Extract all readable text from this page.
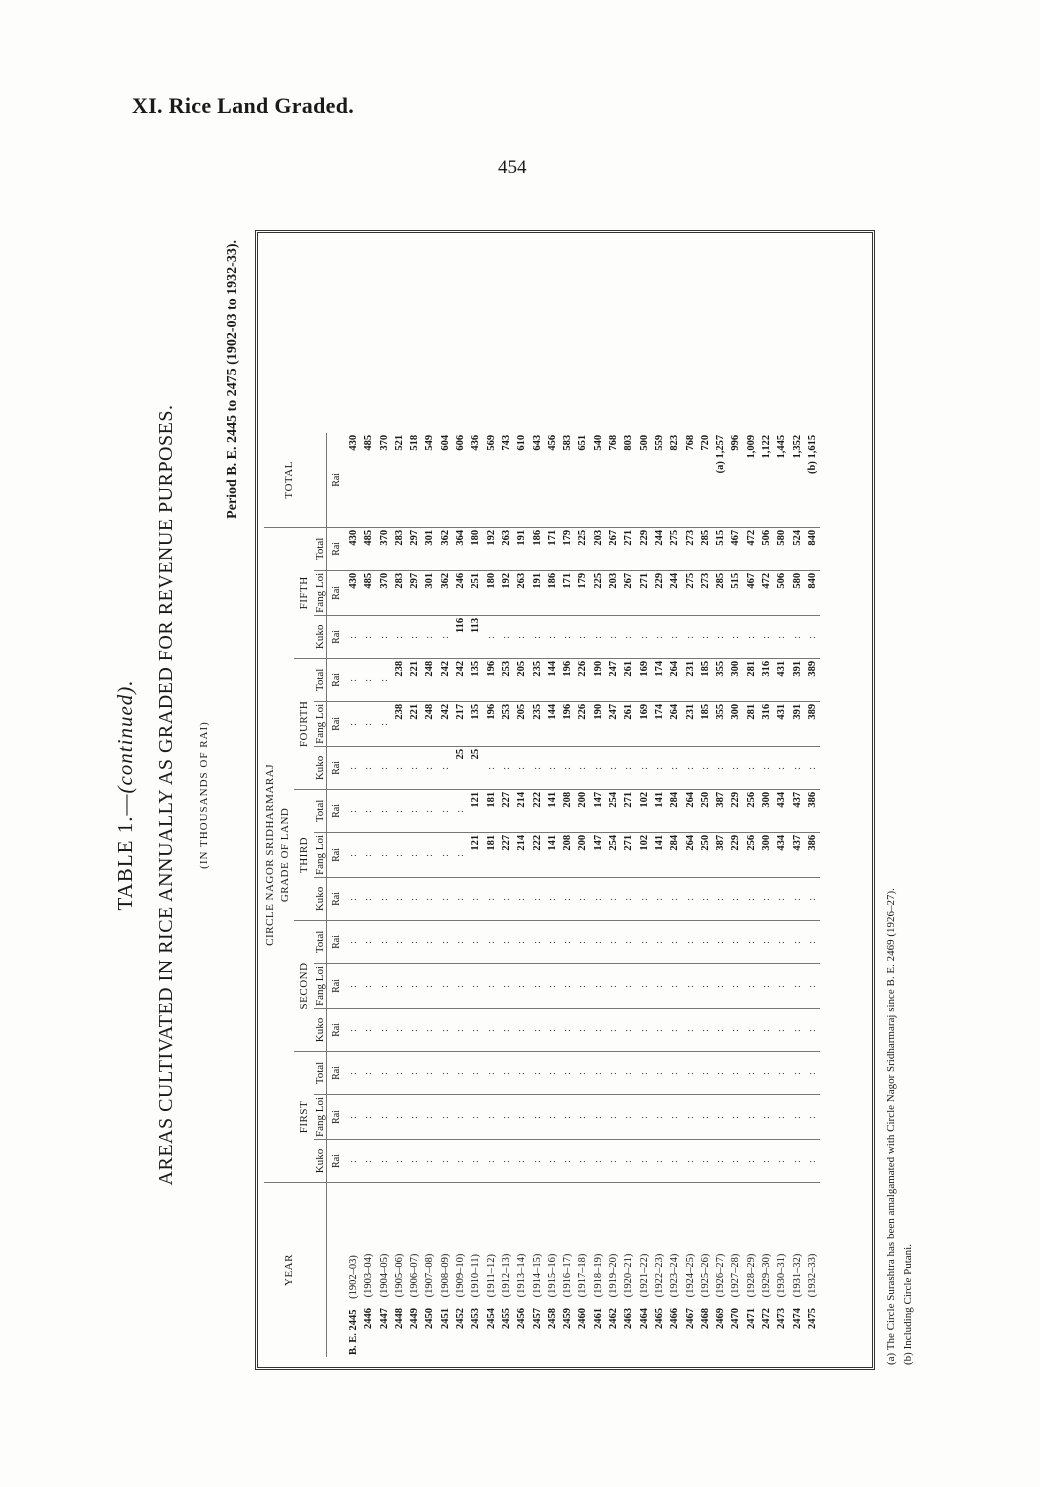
XI. Rice Land Graded.
454
TABLE 1.—(continued). AREAS CULTIVATED IN RICE ANNUALLY AS GRADED FOR REVENUE PURPOSES. (IN THOUSANDS OF RAI)
Period B. E. 2445 to 2475 (1902-03 to 1932-33).
YEAR	CIRCLE NAGOR SRIDHARMARAJ															TOTAL
	GRADE OF LAND															
	FIRST			SECOND			THIRD			FOURTH			FIFTH			
	Kuko	Fang Loi	Total	Kuko	Fang Loi	Total	Kuko	Fang Loi	Total	Kuko	Fang Loi	Total	Kuko	Fang Loi	Total	
	Rai	Rai	Rai	Rai	Rai	Rai	Rai	Rai	Rai	Rai	Rai	Rai	Rai	Rai	Rai	Rai
B. E. 2445 (1902–03)	:	:	:	:	:	:	:	:	:	:	:	:	:	430	430	430
2446 (1903–04)	:	:	:	:	:	:	:	:	:	:	:	:	:	485	485	485
2447 (1904–05)	:	:	:	:	:	:	:	:	:	:	:	:	:	370	370	370
2448 (1905–06)	:	:	:	:	:	:	:	:	:	:	238	238	:	283	283	521
2449 (1906–07)	:	:	:	:	:	:	:	:	:	:	221	221	:	297	297	518
2450 (1907–08)	:	:	:	:	:	:	:	:	:	:	248	248	:	301	301	549
2451 (1908–09)	:	:	:	:	:	:	:	:	:	:	242	242	:	362	362	604
2452 (1909–10)	:	:	:	:	:	:	:	:	:	25	217	242	116	246	364	606
2453 (1910–11)	:	:	:	:	:	:	:	121	121	25	135	135	113	251	180	436
2454 (1911–12)	:	:	:	:	:	:	:	181	181	:	196	196	:	180	192	569
2455 (1912–13)	:	:	:	:	:	:	:	227	227	:	253	253	:	192	263	743
2456 (1913–14)	:	:	:	:	:	:	:	214	214	:	205	205	:	263	191	610
2457 (1914–15)	:	:	:	:	:	:	:	222	222	:	235	235	:	191	186	643
2458 (1915–16)	:	:	:	:	:	:	:	141	141	:	144	144	:	186	171	456
2459 (1916–17)	:	:	:	:	:	:	:	208	208	:	196	196	:	171	179	583
2460 (1917–18)	:	:	:	:	:	:	:	200	200	:	226	226	:	179	225	651
2461 (1918–19)	:	:	:	:	:	:	:	147	147	:	190	190	:	225	203	540
2462 (1919–20)	:	:	:	:	:	:	:	254	254	:	247	247	:	203	267	768
2463 (1920–21)	:	:	:	:	:	:	:	271	271	:	261	261	:	267	271	803
2464 (1921–22)	:	:	:	:	:	:	:	102	102	:	169	169	:	271	229	500
2465 (1922–23)	:	:	:	:	:	:	:	141	141	:	174	174	:	229	244	559
2466 (1923–24)	:	:	:	:	:	:	:	284	284	:	264	264	:	244	275	823
2467 (1924–25)	:	:	:	:	:	:	:	264	264	:	231	231	:	275	273	768
2468 (1925–26)	:	:	:	:	:	:	:	250	250	:	185	185	:	273	285	720
2469 (1926–27)	:	:	:	:	:	:	:	387	387	:	355	355	:	285	515	(a) 1,257
2470 (1927–28)	:	:	:	:	:	:	:	229	229	:	300	300	:	515	467	996
2471 (1928–29)	:	:	:	:	:	:	:	256	256	:	281	281	:	467	472	1,009
2472 (1929–30)	:	:	:	:	:	:	:	300	300	:	316	316	:	472	506	1,122
2473 (1930–31)	:	:	:	:	:	:	:	434	434	:	431	431	:	506	580	1,445
2474 (1931–32)	:	:	:	:	:	:	:	437	437	:	391	391	:	580	524	1,352
2475 (1932–33)	:	:	:	:	:	:	:	386	386	:	389	389	:	840	840	(b) 1,615
(a) The Circle Surashtra has been amalgamated with Circle Nagor Sridharmaraj since B. E. 2469 (1926–27). (b) Including Circle Putani.
